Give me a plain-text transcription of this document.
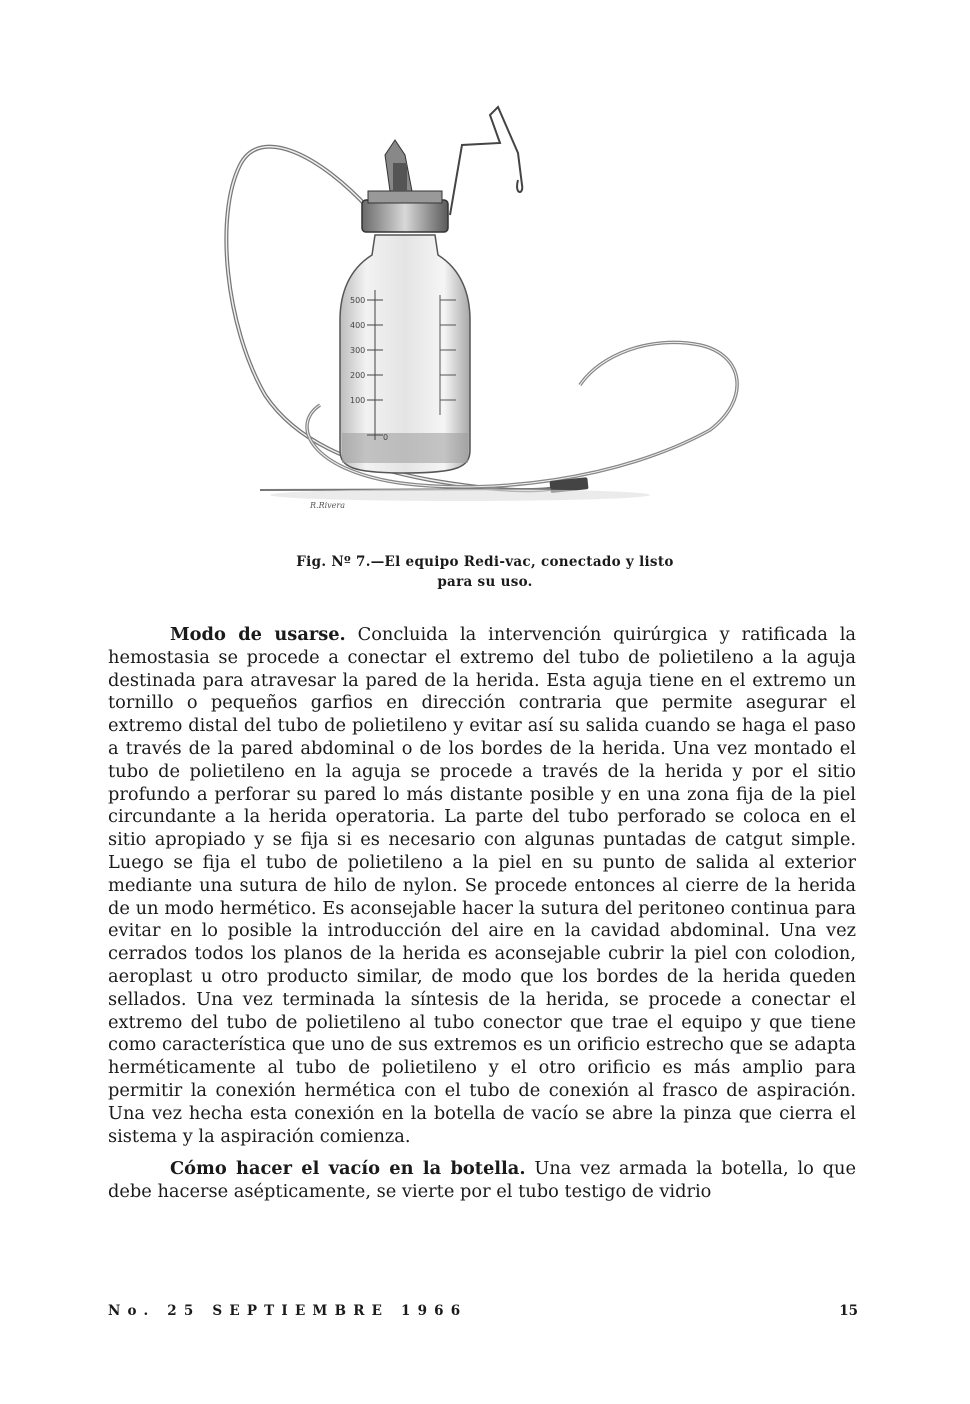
500
400
300
200
100
0
R.Rivera
Fig. Nº 7.—El equipo Redi-vac, conectado y listo
para su uso.

Modo de usarse. Concluida la intervención quirúrgica y ratificada la hemostasia se procede a conectar el extremo del tubo de polietileno a la aguja destinada para atravesar la pared de la herida. Esta aguja tiene en el extremo un tornillo o pequeños garfios en dirección contraria que permite asegurar el extremo distal del tubo de polietileno y evitar así su salida cuando se haga el paso a través de la pared abdominal o de los bordes de la herida. Una vez montado el tubo de polietileno en la aguja se procede a través de la herida y por el sitio profundo a perforar su pared lo más distante posible y en una zona fija de la piel circundante a la herida operatoria. La parte del tubo perforado se coloca en el sitio apropiado y se fija si es necesario con algunas puntadas de catgut simple. Luego se fija el tubo de polietileno a la piel en su punto de salida al exterior mediante una sutura de hilo de nylon. Se procede entonces al cierre de la herida de un modo hermético. Es aconsejable hacer la sutura del peritoneo continua para evitar en lo posible la introducción del aire en la cavidad abdominal. Una vez cerrados todos los planos de la herida es aconsejable cubrir la piel con colodion, aeroplast u otro producto similar, de modo que los bordes de la herida queden sellados. Una vez terminada la síntesis de la herida, se procede a conectar el extremo del tubo de polietileno al tubo conector que trae el equipo y que tiene como característica que uno de sus extremos es un orificio estrecho que se adapta herméticamente al tubo de polietileno y el otro orificio es más amplio para permitir la conexión hermética con el tubo de conexión al frasco de aspiración. Una vez hecha esta conexión en la botella de vacío se abre la pinza que cierra el sistema y la aspiración comienza.

Cómo hacer el vacío en la botella. Una vez armada la botella, lo que debe hacerse asépticamente, se vierte por el tubo testigo de vidrio

No. 25 SEPTIEMBRE 1966	15
